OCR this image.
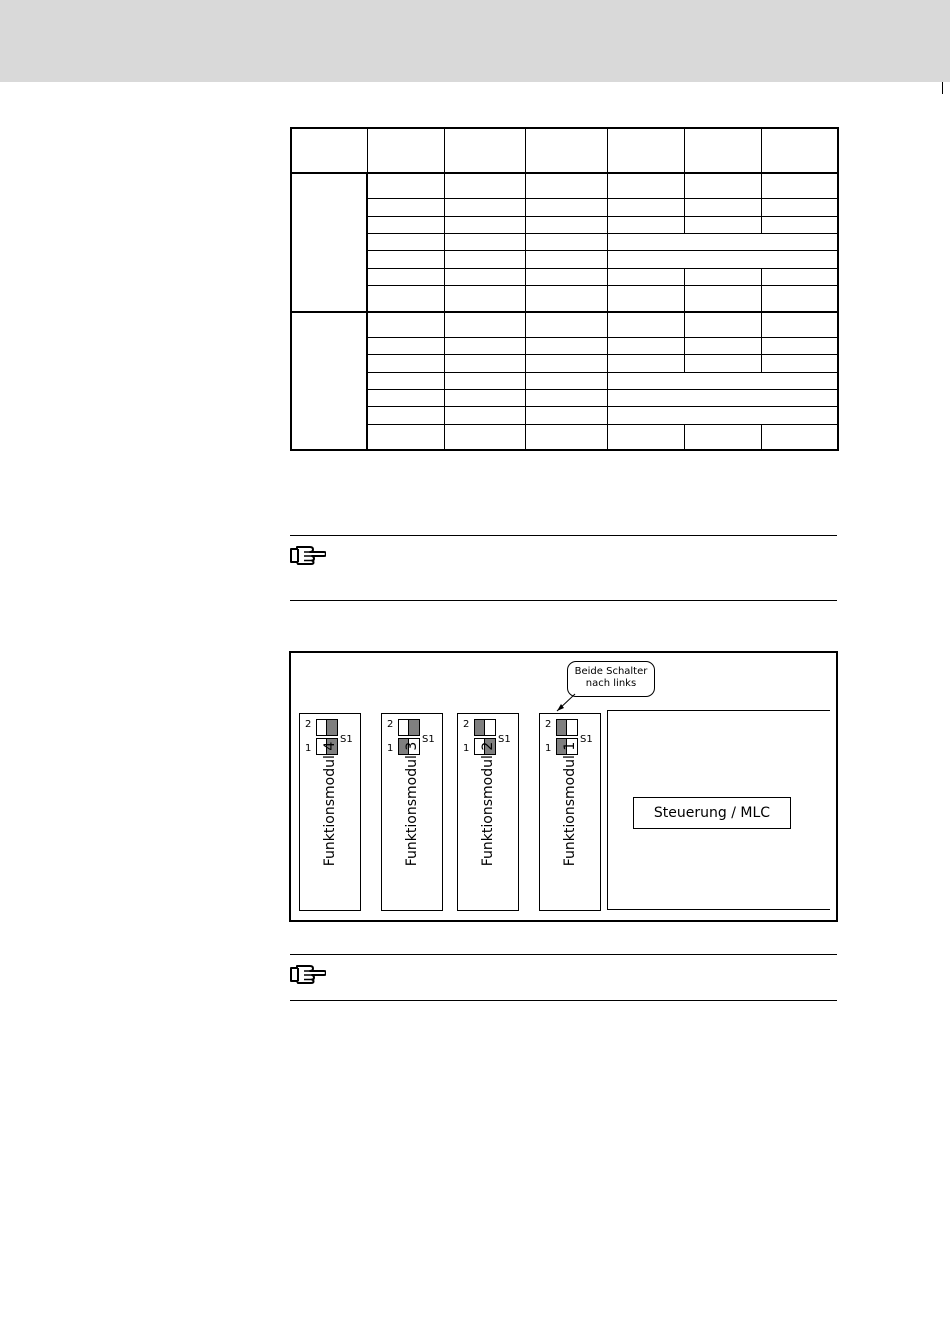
Beide Schalter
nach links
2
1
S1
Funktionsmodul 4
2
1
S1
Funktionsmodul 3
2
1
S1
Funktionsmodul 2
2
1
S1
Funktionsmodul 1	Steuerung / MLC
